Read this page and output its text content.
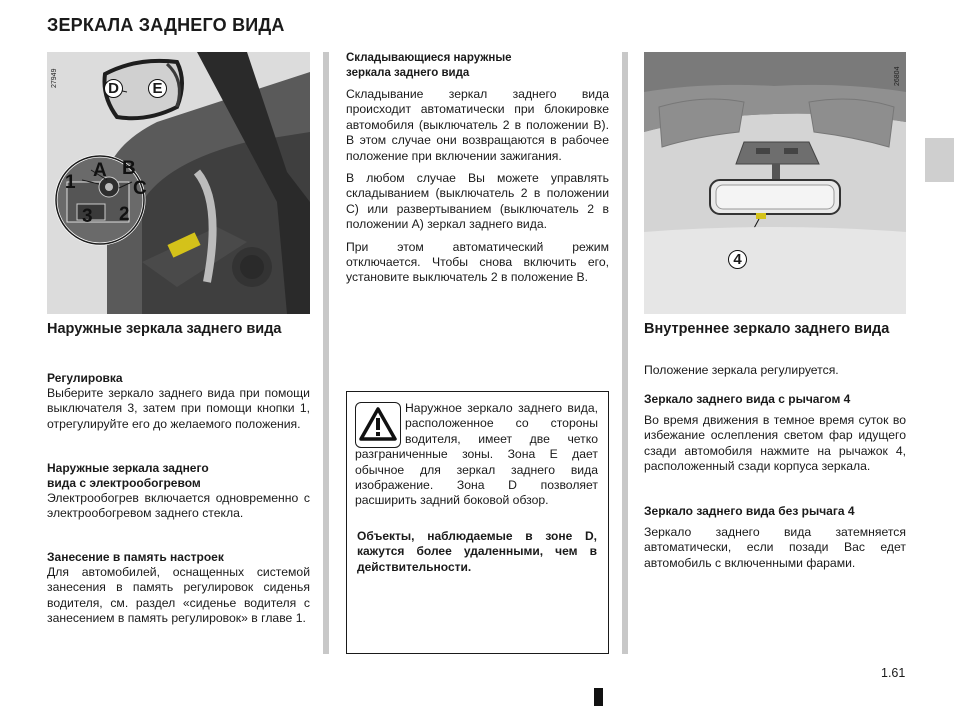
ЗЕРКАЛА ЗАДНЕГО ВИДА
27949
D E
A B
C
1
2
3
Наружные зеркала заднего вида
Регулировка

Выберите зеркало заднего вида при помощи выключателя 3, затем при помощи кнопки 1, отрегулируйте его до желаемого положения.

Наружные зеркала заднего
вида с электрообогревом

Электрообогрев включается одновременно с электрообогревом заднего стекла.

Занесение в память настроек

Для автомобилей, оснащенных системой занесения в память регулировок сиденья водителя, см. раздел «сиденье водителя с занесением в память регулировок» в главе 1.

Складывающиеся наружные
зеркала заднего вида

Складывание зеркал заднего вида происходит автоматически при блокировке автомобиля (выключатель 2 в положении B). В этом случае они возвращаются в рабочее положение при включении зажигания.

В любом случае Вы можете управлять складыванием (выключатель 2 в положении C) или развертыванием (выключатель 2 в положении A) зеркал заднего вида.

При этом автоматический режим отключается. Чтобы снова включить его, установите выключатель 2 в положение B.

Наружное зеркало заднего вида, расположенное со стороны водителя, имеет две четко разграниченные зоны. Зона E дает обычное для зеркал заднего вида изображение. Зона D позволяет расширить задний боковой обзор.

Объекты, наблюдаемые в зоне D, кажутся более удаленными, чем в действительности.

26804
4
Внутреннее зеркало заднего вида
Положение зеркала регулируется.
Зеркало заднего вида с рычагом 4

Во время движения в темное время суток во избежание ослепления светом фар идущего сзади автомобиля нажмите на рычажок 4, расположенный сзади корпуса зеркала.

Зеркало заднего вида без рычага 4

Зеркало заднего вида затемняется автоматически, если позади Вас едет автомобиль с включенными фарами.

1.61
